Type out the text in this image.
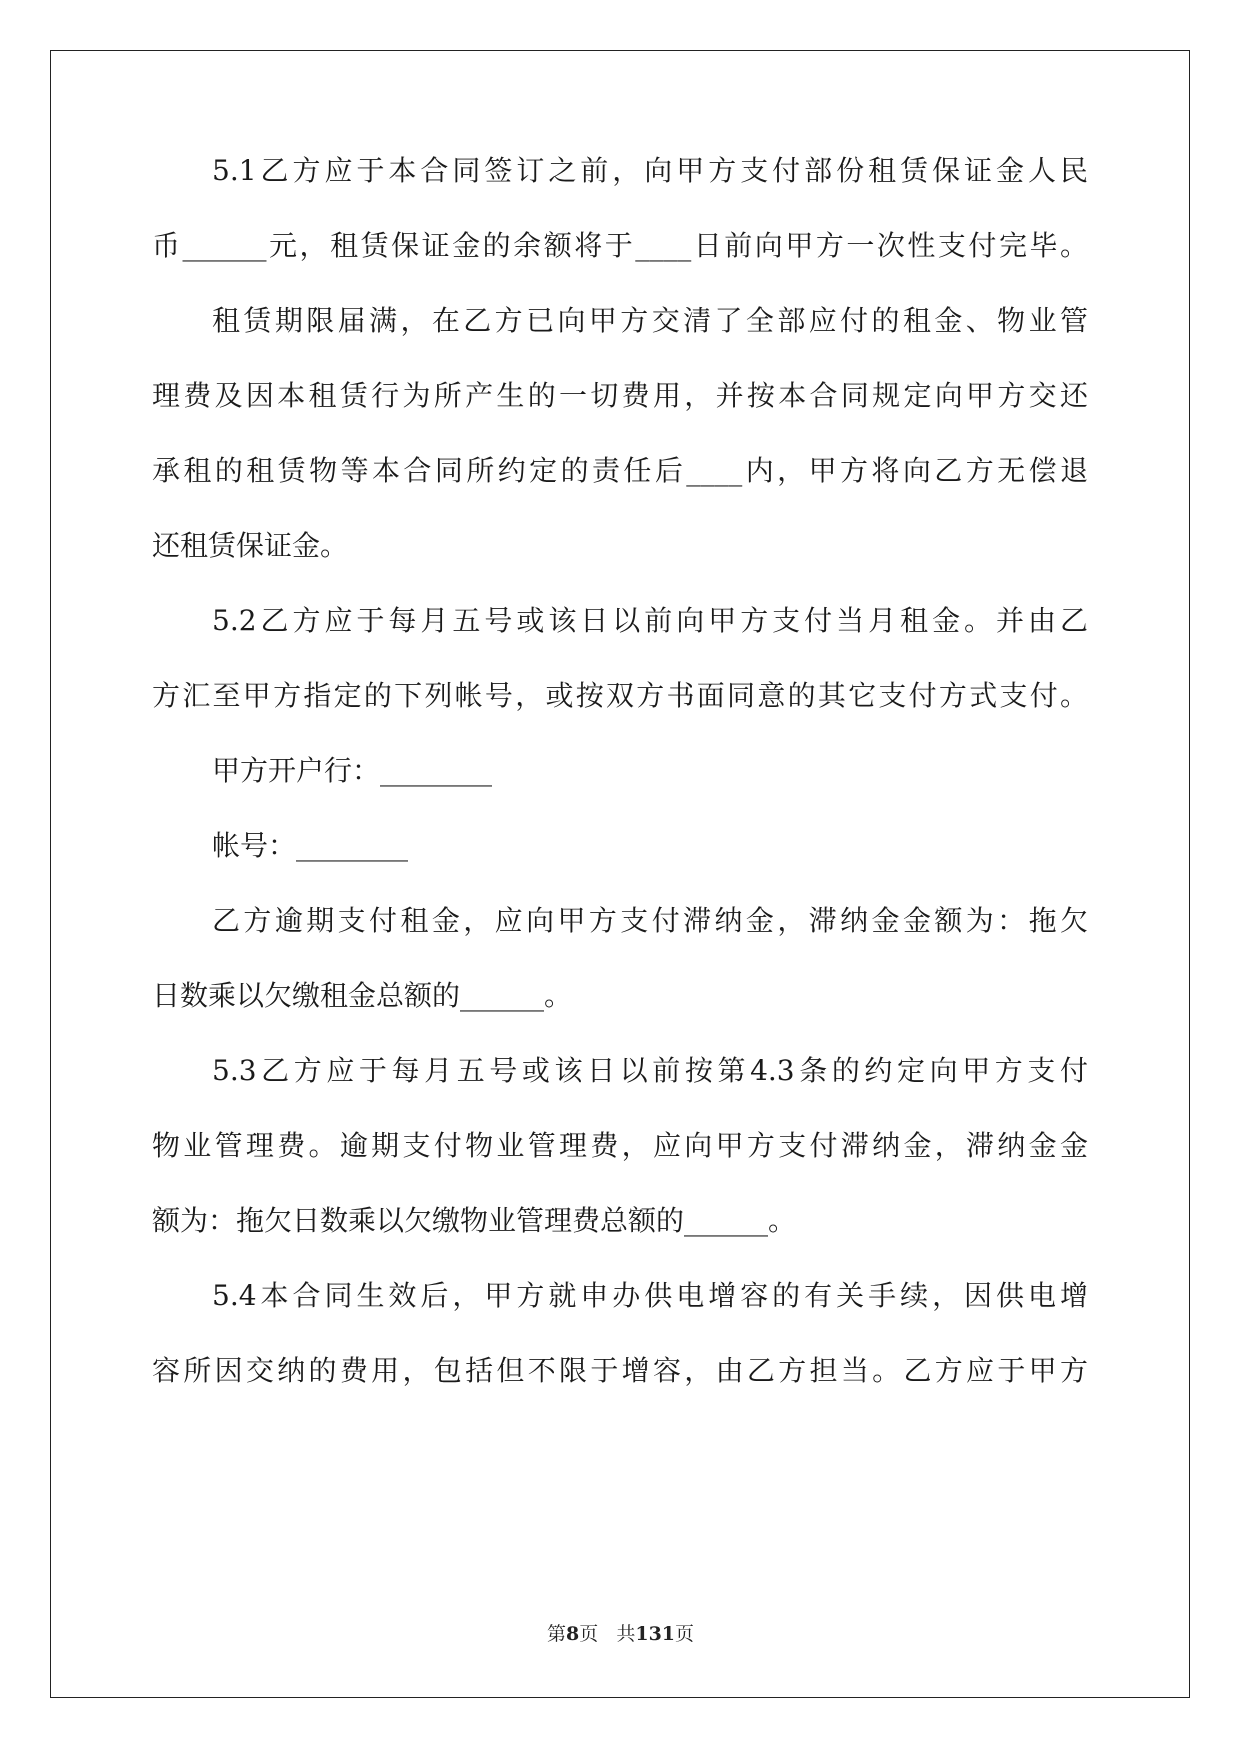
5.1乙方应于本合同签订之前，向甲方支付部份租赁保证金人民
币______元，租赁保证金的余额将于____日前向甲方一次性支付完毕。
租赁期限届满，在乙方已向甲方交清了全部应付的租金、物业管
理费及因本租赁行为所产生的一切费用，并按本合同规定向甲方交还
承租的租赁物等本合同所约定的责任后____内，甲方将向乙方无偿退
还租赁保证金。
5.2乙方应于每月五号或该日以前向甲方支付当月租金。并由乙
方汇至甲方指定的下列帐号，或按双方书面同意的其它支付方式支付。
甲方开户行：________
帐号：________
乙方逾期支付租金，应向甲方支付滞纳金，滞纳金金额为：拖欠
日数乘以欠缴租金总额的______。
5.3乙方应于每月五号或该日以前按第4.3条的约定向甲方支付
物业管理费。逾期支付物业管理费，应向甲方支付滞纳金，滞纳金金
额为：拖欠日数乘以欠缴物业管理费总额的______。
5.4本合同生效后，甲方就申办供电增容的有关手续，因供电增
容所因交纳的费用，包括但不限于增容，由乙方担当。乙方应于甲方
第8页 共131页
